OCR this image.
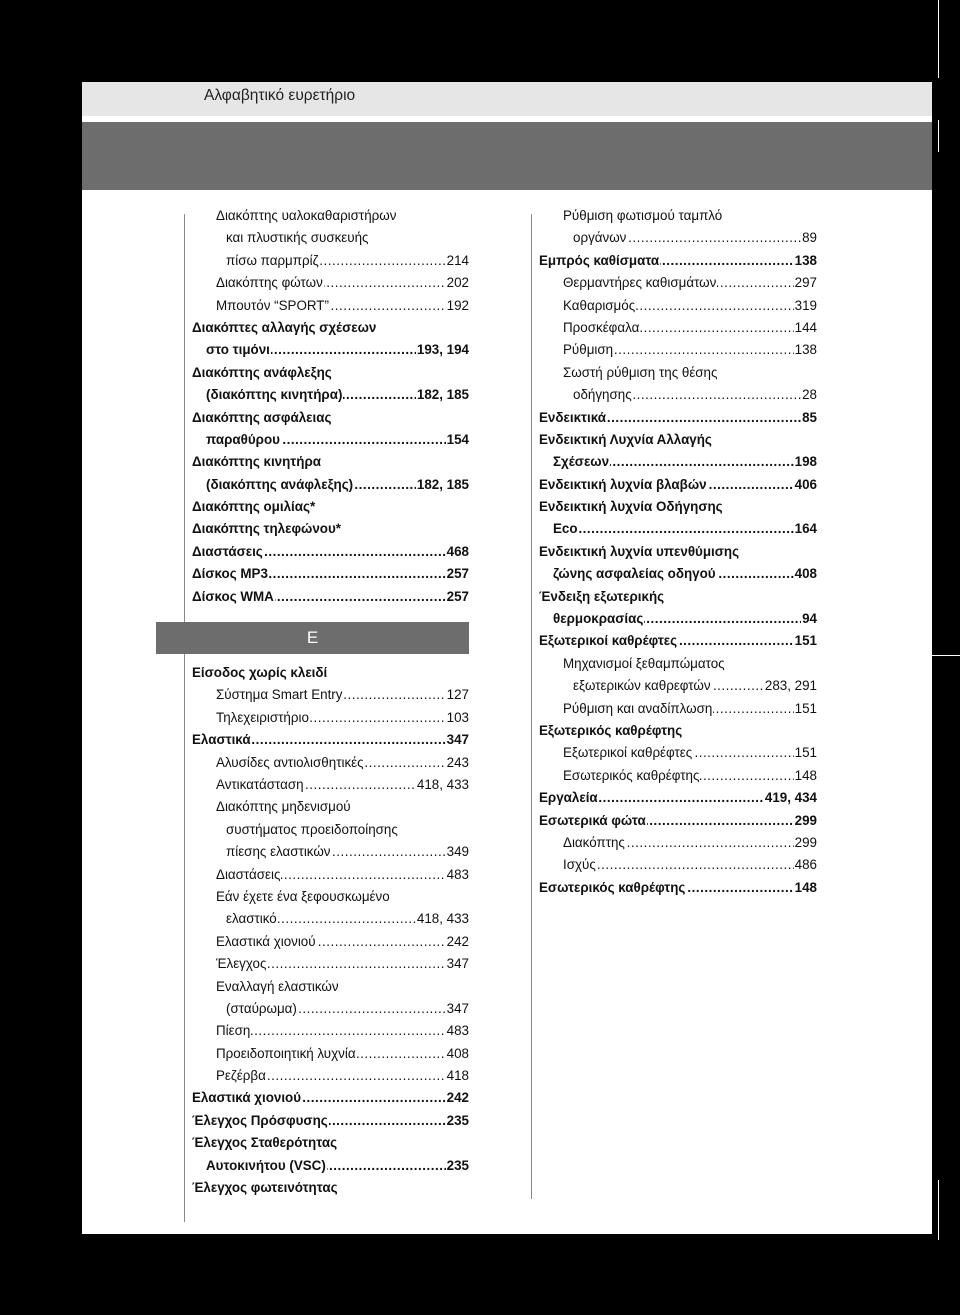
Αλφαβητικό ευρετήριο
Διακόπτης υαλοκαθαριστήρων
και πλυστικής συσκευής
. . . πίσω παρμπρίζ	214
. . . Διακόπτης φώτων	202
. . . Μπουτόν “SPORT”	192
Διακόπτες αλλαγής σχέσεων
. . . στο τιμόνι	193, 194
Διακόπτης ανάφλεξης
. . . (διακόπτης κινητήρα)	182, 185
Διακόπτης ασφάλειας
. . . παραθύρου	154
Διακόπτης κινητήρα
. . . (διακόπτης ανάφλεξης)	182, 185
Διακόπτης ομιλίας*
Διακόπτης τηλεφώνου*
. . . Διαστάσεις	468
. . . Δίσκος MP3	257
. . . Δίσκος WMA	257
Ε
Είσοδος χωρίς κλειδί
. . . Σύστημα Smart Entry	127
. . . Τηλεχειριστήριο	103
. . . Ελαστικά	347
. . . Αλυσίδες αντιολισθητικές	243
. . . Αντικατάσταση	418, 433
Διακόπτης μηδενισμού
συστήματος προειδοποίησης
. . . πίεσης ελαστικών	349
. . . Διαστάσεις	483
Εάν έχετε ένα ξεφουσκωμένο
. . . ελαστικό	418, 433
. . . Ελαστικά χιονιού	242
. . . Έλεγχος	347
Εναλλαγή ελαστικών
. . . (σταύρωμα)	347
. . . Πίεση	483
. . . Προειδοποιητική λυχνία	408
. . . Ρεζέρβα	418
. . . Ελαστικά χιονιού	242
. . . Έλεγχος Πρόσφυσης	235
Έλεγχος Σταθερότητας
. . . Αυτοκινήτου (VSC)	235
Έλεγχος φωτεινότητας
Ρύθμιση φωτισμού ταμπλό
. . . οργάνων	89
. . . Εμπρός καθίσματα	138
. . . Θερμαντήρες καθισμάτων	297
. . . Καθαρισμός	319
. . . Προσκέφαλα	144
. . . Ρύθμιση	138
Σωστή ρύθμιση της θέσης
. . . οδήγησης	28
. . . Ενδεικτικά	85
Ενδεικτική Λυχνία Αλλαγής
. . . Σχέσεων	198
. . . Ενδεικτική λυχνία βλαβών	406
Ενδεικτική λυχνία Οδήγησης
. . . Eco	164
Ενδεικτική λυχνία υπενθύμισης
. . . ζώνης ασφαλείας οδηγού	408
Ένδειξη εξωτερικής
. . . θερμοκρασίας	94
. . . Εξωτερικοί καθρέφτες	151
Μηχανισμοί ξεθαμπώματος
. . . εξωτερικών καθρεφτών	283, 291
. . . Ρύθμιση και αναδίπλωση	151
Εξωτερικός καθρέφτης
. . . Εξωτερικοί καθρέφτες	151
. . . Εσωτερικός καθρέφτης	148
. . . Εργαλεία	419, 434
. . . Εσωτερικά φώτα	299
. . . Διακόπτης	299
. . . Ισχύς	486
. . . Εσωτερικός καθρέφτης	148
